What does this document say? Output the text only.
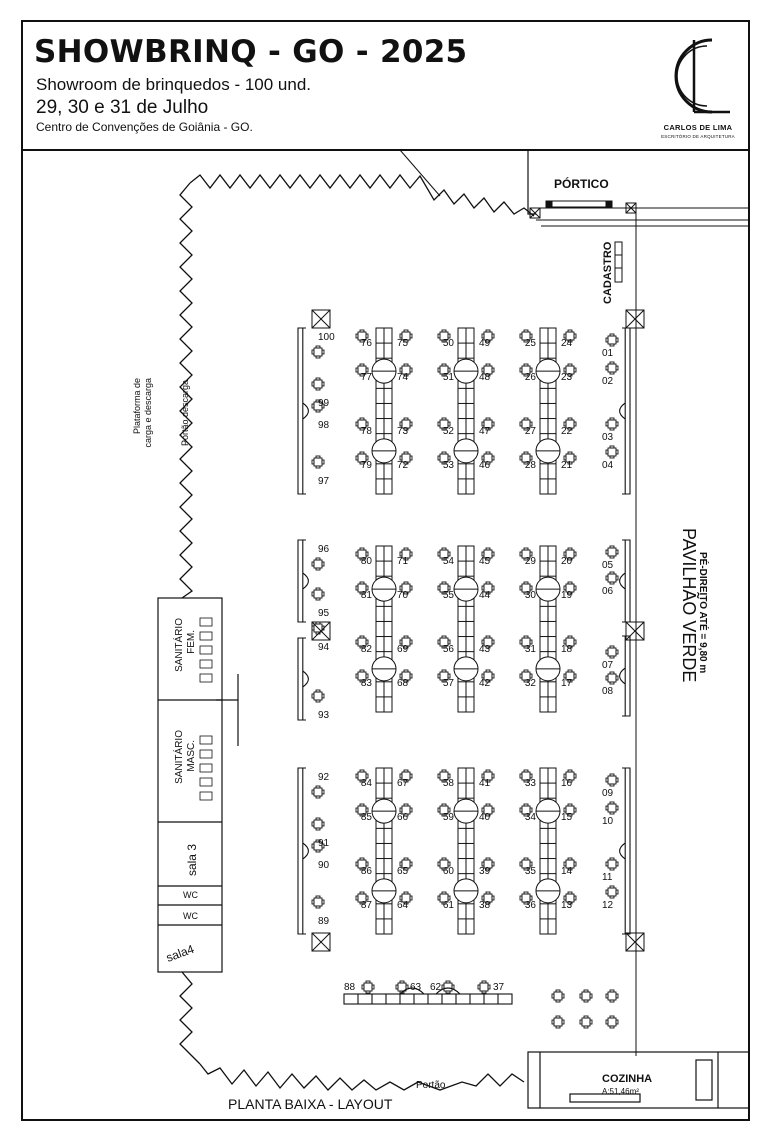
25	24
26	23
27	22
28	21
29	20
30	19
31	18
32	17
33	16
34	15
35	14
36	13
50	49
51	48
52	47
53	46
54	45
55	44
56	43
57	42
58	41
59	40
60	39
61	38
76	75
77	74
78	73
79	72
80	71
81	70
82	69
83	68
84	67
85	66
86	65
87	64
01
02
03
04
05
06
07
08
09
10
11
12
100
99
98
97
96
95
94
93
92
91
90
89
88	63 62	37
PÓRTICO
CADASTRO
Plataforma de carga e descarga	Portão descarga
SANITÁRIO FEM.
SANITÁRIO MASC.
sala 3
WC
WC
sala4
PAVILHÃO VERDE
PÉ-DIREITO ATÉ = 9,80 m
COZINHA
A:51,46m²
Portão
SHOWBRINQ - GO - 2025
Showroom de brinquedos - 100 und.
29, 30 e 31 de Julho
Centro de Convenções de Goiânia - GO.	CARLOS DE LIMA
ESCRITÓRIO DE ARQUITETURA
PLANTA BAIXA - LAYOUT
